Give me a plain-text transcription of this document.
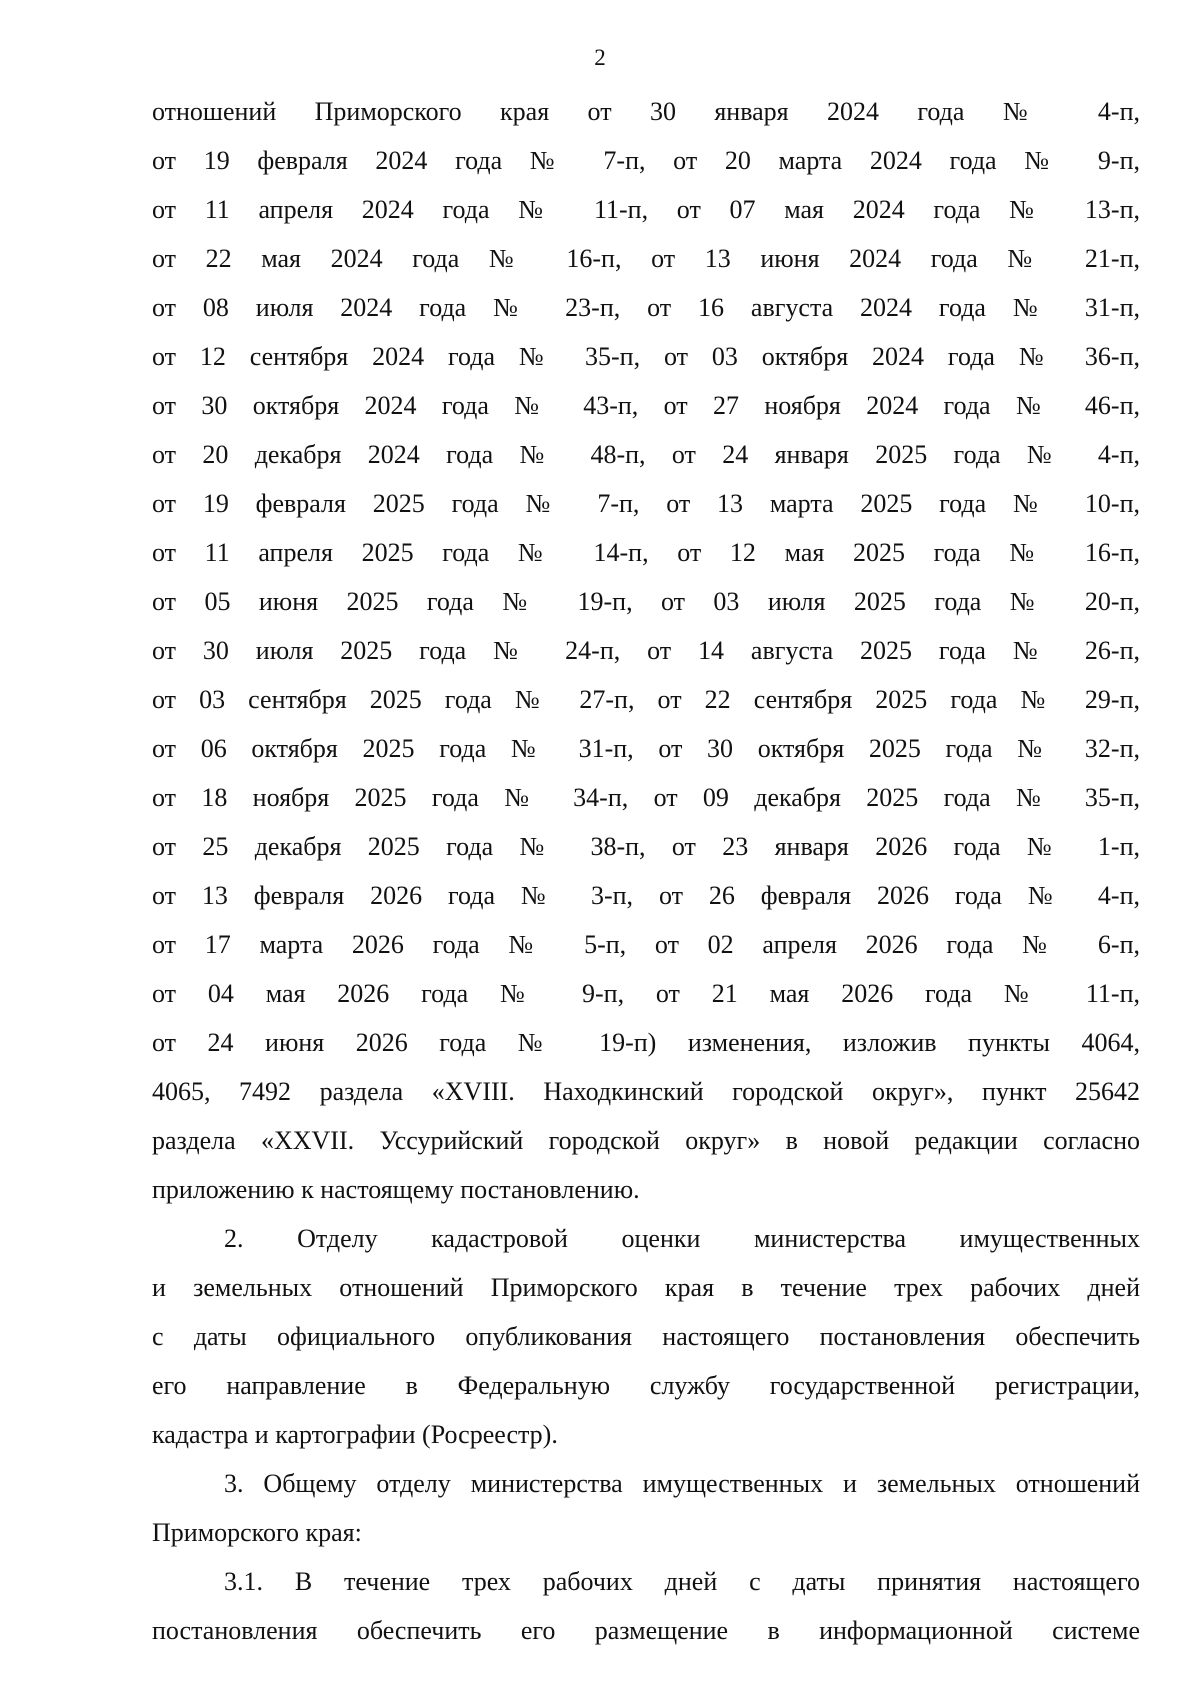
2
отношений Приморского края от 30 января 2024 года № 4-п,
от 19 февраля 2024 года № 7-п, от 20 марта 2024 года № 9-п,
от 11 апреля 2024 года № 11-п, от 07 мая 2024 года № 13-п,
от 22 мая 2024 года № 16-п, от 13 июня 2024 года № 21-п,
от 08 июля 2024 года № 23-п, от 16 августа 2024 года № 31-п,
от 12 сентября 2024 года № 35-п, от 03 октября 2024 года № 36-п,
от 30 октября 2024 года № 43-п, от 27 ноября 2024 года № 46-п,
от 20 декабря 2024 года № 48-п, от 24 января 2025 года № 4-п,
от 19 февраля 2025 года № 7-п, от 13 марта 2025 года № 10-п,
от 11 апреля 2025 года № 14-п, от 12 мая 2025 года № 16-п,
от 05 июня 2025 года № 19-п, от 03 июля 2025 года № 20-п,
от 30 июля 2025 года № 24-п, от 14 августа 2025 года № 26-п,
от 03 сентября 2025 года № 27-п, от 22 сентября 2025 года № 29-п,
от 06 октября 2025 года № 31-п, от 30 октября 2025 года № 32-п,
от 18 ноября 2025 года № 34-п, от 09 декабря 2025 года № 35-п,
от 25 декабря 2025 года № 38-п, от 23 января 2026 года № 1-п,
от 13 февраля 2026 года № 3-п, от 26 февраля 2026 года № 4-п,
от 17 марта 2026 года № 5-п, от 02 апреля 2026 года № 6-п,
от 04 мая 2026 года № 9-п, от 21 мая 2026 года № 11-п,
от 24 июня 2026 года № 19-п) изменения, изложив пункты 4064,
4065, 7492 раздела «XVIII. Находкинский городской округ», пункт 25642
раздела «XXVII. Уссурийский городской округ» в новой редакции согласно
приложению к настоящему постановлению.
2. Отделу кадастровой оценки министерства имущественных
и земельных отношений Приморского края в течение трех рабочих дней
с даты официального опубликования настоящего постановления обеспечить
его направление в Федеральную службу государственной регистрации,
кадастра и картографии (Росреестр).
3. Общему отделу министерства имущественных и земельных отношений
Приморского края:
3.1. В течение трех рабочих дней с даты принятия настоящего
постановления обеспечить его размещение в информационной системе
